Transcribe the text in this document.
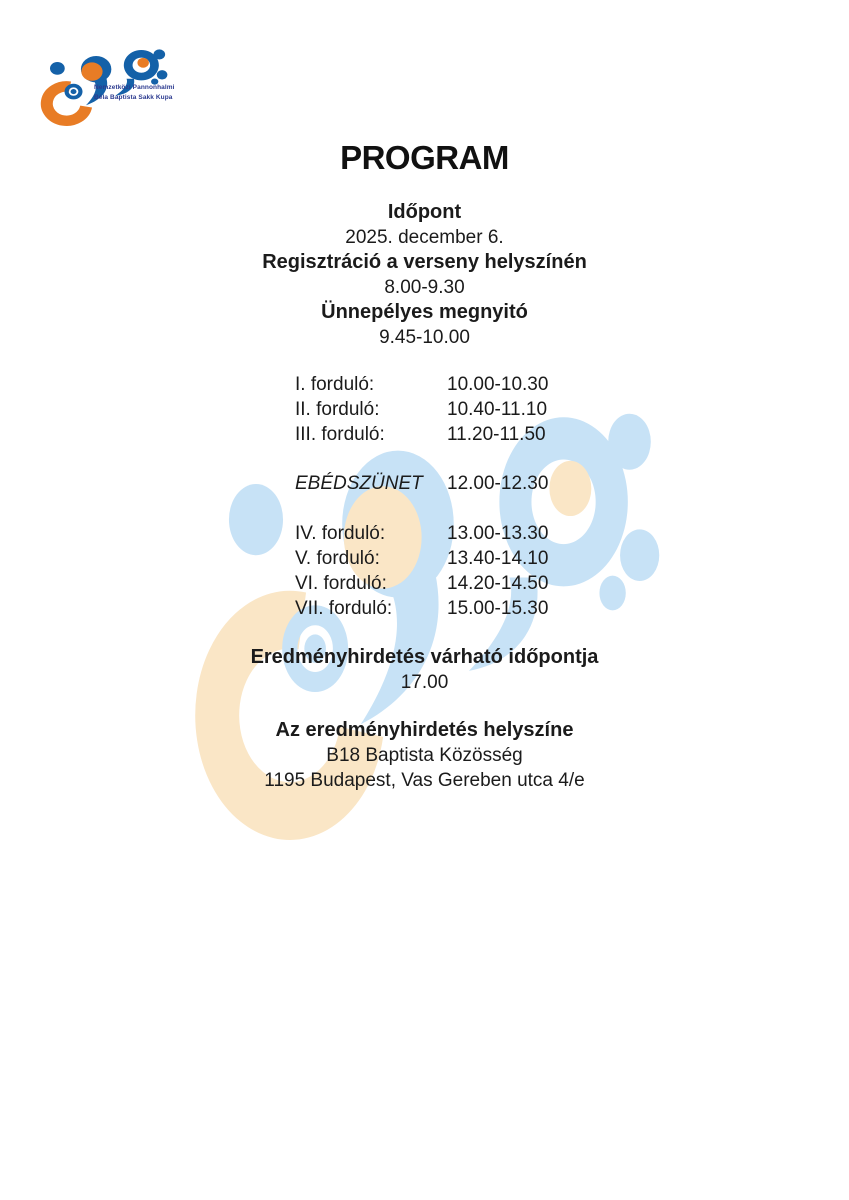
Nemzetközi Pannonhalmi
Béla Baptista Sakk Kupa
PROGRAM
Időpont
2025. december 6.
Regisztráció a verseny helyszínén
8.00-9.30
Ünnepélyes megnyitó
9.45-10.00
I. forduló:	10.00-10.30
II. forduló:	10.40-11.10
III. forduló:	11.20-11.50
EBÉDSZÜNET	12.00-12.30
IV. forduló:	13.00-13.30
V. forduló:	13.40-14.10
VI. forduló:	14.20-14.50
VII. forduló:	15.00-15.30
Eredményhirdetés várható időpontja
17.00
Az eredményhirdetés helyszíne
B18 Baptista Közösség
1195 Budapest, Vas Gereben utca 4/e
